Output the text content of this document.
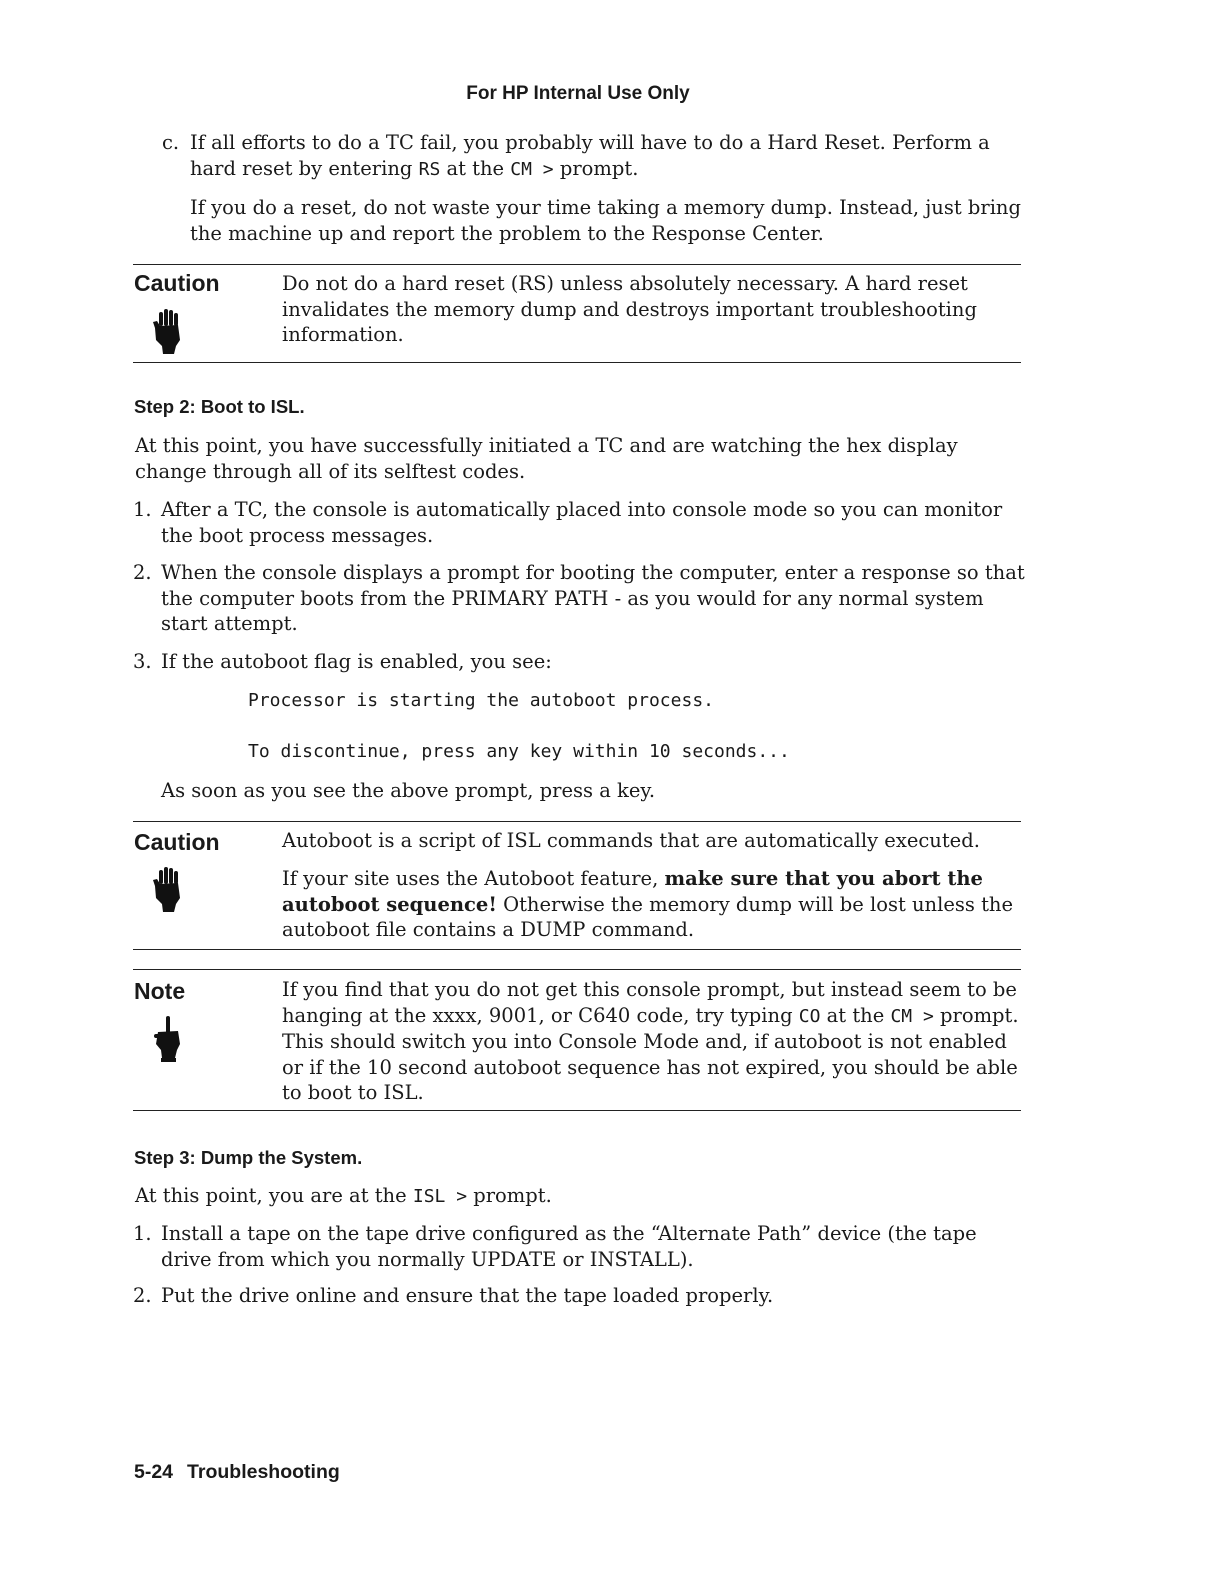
For HP Internal Use Only
c. If all efforts to do a TC fail, you probably will have to do a Hard Reset. Perform a hard reset by entering RS at the CM > prompt.

If you do a reset, do not waste your time taking a memory dump. Instead, just bring the machine up and report the problem to the Response Center.

Caution	Do not do a hard reset (RS) unless absolutely necessary. A hard reset invalidates the memory dump and destroys important troubleshooting information.

Step 2: Boot to ISL.

At this point, you have successfully initiated a TC and are watching the hex display change through all of its selftest codes.

1. After a TC, the console is automatically placed into console mode so you can monitor the boot process messages.

2. When the console displays a prompt for booting the computer, enter a response so that the computer boots from the PRIMARY PATH - as you would for any normal system start attempt.

3. If the autoboot flag is enabled, you see:

Processor is starting the autoboot process.
To discontinue, press any key within 10 seconds...

As soon as you see the above prompt, press a key.

Caution	Autoboot is a script of ISL commands that are automatically executed.

If your site uses the Autoboot feature, make sure that you abort the autoboot sequence! Otherwise the memory dump will be lost unless the autoboot file contains a DUMP command.

Note	If you find that you do not get this console prompt, but instead seem to be hanging at the xxxx, 9001, or C640 code, try typing CO at the CM > prompt. This should switch you into Console Mode and, if autoboot is not enabled or if the 10 second autoboot sequence has not expired, you should be able to boot to ISL.

Step 3: Dump the System.

At this point, you are at the ISL > prompt.

1. Install a tape on the tape drive configured as the “Alternate Path” device (the tape drive from which you normally UPDATE or INSTALL).

2. Put the drive online and ensure that the tape loaded properly.

5-24 Troubleshooting
